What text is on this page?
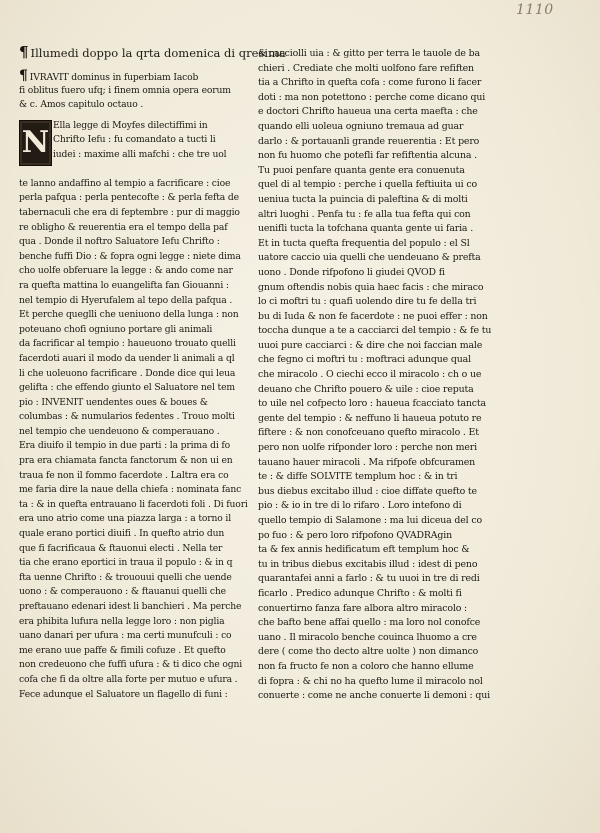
1110
¶ Illumedi doppo la qrta domenica di qresima
¶ IVRAVIT dominus in fuperbiam Iacob
fi oblitus fuero ufq; i finem omnia opera eorum
& c. Amos capitulo octauo .
N Ella legge di Moyfes dilectiffimi in
Chrifto Iefu : fu comandato a tucti li
iudei : maxime alli mafchi : che tre uol
te lanno andaffino al tempio a facrificare : cioe
perla pafqua : perla pentecofte : & perla fefta de
tabernaculi che era di feptembre : pur di maggio
re obligho & reuerentia era el tempo della paf
qua . Donde il noftro Saluatore Iefu Chrifto :
benche fuffi Dio : & fopra ogni legge : niete dima
cho uolfe obferuare la legge : & ando come nar
ra quefta mattina lo euangelifta fan Giouanni :
nel tempio di Hyerufalem al tepo della pafqua .
Et perche queglli che ueniuono della lunga : non
poteuano chofi ogniuno portare gli animali
da facrificar al tempio : haueuono trouato quelli
facerdoti auari il modo da uender li animali a ql
li che uoleuono facrificare . Donde dice qui leua
gelifta : che effendo giunto el Saluatore nel tem
pio : INVENIT uendentes oues & boues &
columbas : & numularios fedentes . Trouo molti
nel tempio che uendeuono & comperauano .
Era diuifo il tempio in due parti : la prima di fo
pra era chiamata fancta fanctorum & non ui en
traua fe non il fommo facerdote . Laltra era co
me faria dire la naue della chiefa : nominata fanc
ta : & in quefta entrauano li facerdoti foli . Di fuori
era uno atrio come una piazza larga : a torno il
quale erano portici diuifi . In quefto atrio dun
que fi facrificaua & ftauonui electi . Nella ter
tia che erano eportici in traua il populo : & in q
fta uenne Chrifto : & trououui quelli che uende
uono : & comperauono : & ftauanui quelli che
preftauano edenari idest li banchieri . Ma perche
era phibita lufura nella legge loro : non piglia
uano danari per ufura : ma certi munufculi : co
me erano uue paffe & fimili cofuze . Et quefto
non credeuono che fuffi ufura : & ti dico che ogni
cofa che fi da oltre alla forte per mutuo e ufura .
Fece adunque el Saluatore un flagello di funi :
& cacciolli uia : & gitto per terra le tauole de ba
chieri . Crediate che molti uolfono fare refiften
tia a Chrifto in quefta cofa : come furono li facer
doti : ma non potettono : perche come dicano qui
e doctori Chrifto haueua una certa maefta : che
quando elli uoleua ogniuno tremaua ad guar
darlo : & portauanli grande reuerentia : Et pero
non fu huomo che potefli far refiftentia alcuna .
Tu puoi penfare quanta gente era conuenuta
quel di al tempio : perche i quella feftiuita ui co
ueniua tucta la puincia di paleftina & di molti
altri luoghi . Penfa tu : fe alla tua fefta qui con
uenifli tucta la tofchana quanta gente ui faria .
Et in tucta quefta frequentia del populo : el Sl
uatore caccio uia quelli che uendeuano & prefta
uono . Donde rifpofono li giudei QVOD fi
gnum oftendis nobis quia haec facis : che miraco
lo ci moftri tu : quafi uolendo dire tu fe della tri
bu di Iuda & non fe facerdote : ne puoi effer : non
toccha dunque a te a cacciarci del tempio : & fe tu
uuoi pure cacciarci : & dire che noi faccian male
che fegno ci moftri tu : moftraci adunque qual
che miracolo . O ciechi ecco il miracolo : ch o ue
deuano che Chrifto pouero & uile : cioe reputa
to uile nel cofpecto loro : haueua fcacciato tancta
gente del tempio : & neffuno li haueua potuto re
fiftere : & non conofceuano quefto miracolo . Et
pero non uolfe rifponder loro : perche non meri
tauano hauer miracoli . Ma rifpofe obfcuramen
te : & diffe SOLVITE templum hoc : & in tri
bus diebus excitabo illud : cioe diffate quefto te
pio : & io in tre di lo rifaro . Loro intefono di
quello tempio di Salamone : ma lui diceua del co
po fuo : & pero loro rifpofono QVADRAgin
ta & fex annis hedificatum eft templum hoc &
tu in tribus diebus excitabis illud : idest di peno
quarantafei anni a farlo : & tu uuoi in tre di redi
ficarlo . Predico adunque Chrifto : & molti fi
conuertirno fanza fare albora altro miracolo :
che bafto bene affai quello : ma loro nol conofce
uano . Il miracolo benche couinca lhuomo a cre
dere ( come tho decto altre uolte ) non dimanco
non fa fructo fe non a coloro che hanno ellume
di fopra : & chi no ha quefto lume il miracolo nol
conuerte : come ne anche conuerte li demoni : qui
